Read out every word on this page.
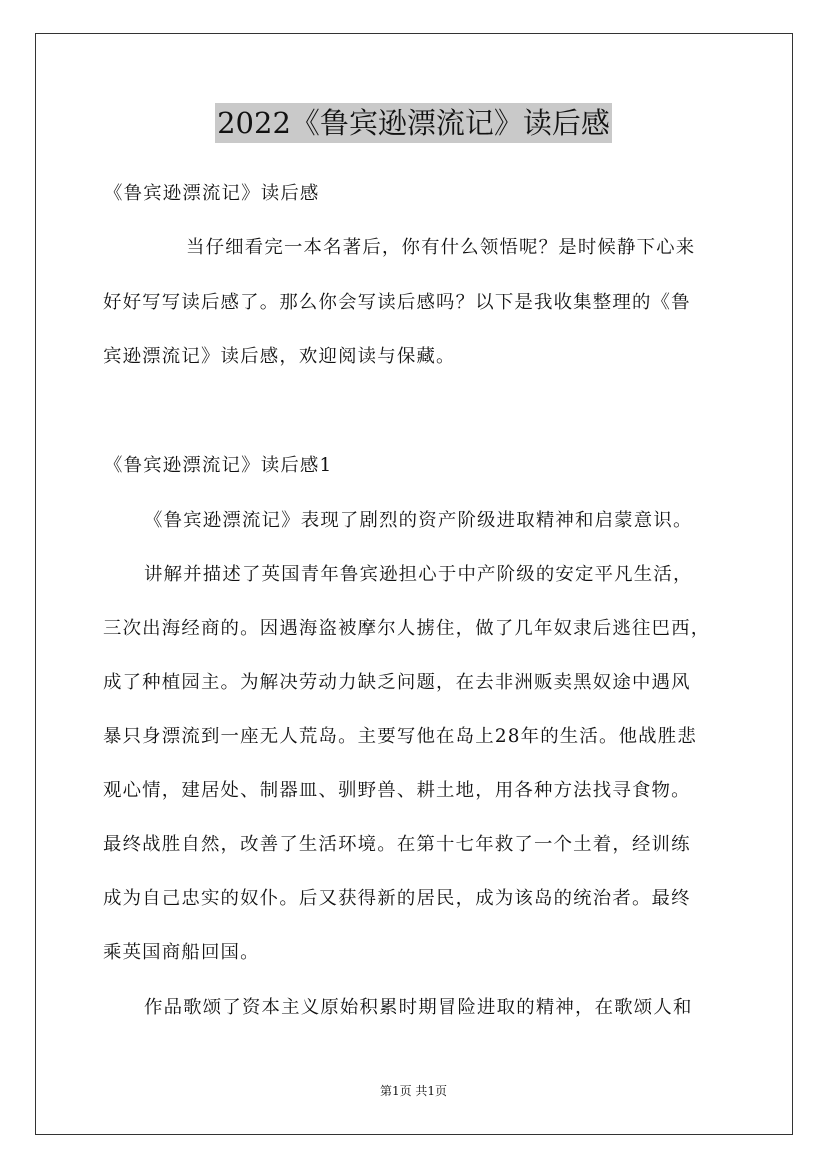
2022《鲁宾逊漂流记》读后感
《鲁宾逊漂流记》读后感
当仔细看完一本名著后，你有什么领悟呢？是时候静下心来
好好写写读后感了。那么你会写读后感吗？以下是我收集整理的《鲁
宾逊漂流记》读后感，欢迎阅读与保藏。
《鲁宾逊漂流记》读后感1
《鲁宾逊漂流记》表现了剧烈的资产阶级进取精神和启蒙意识。
讲解并描述了英国青年鲁宾逊担心于中产阶级的安定平凡生活，
三次出海经商的。因遇海盗被摩尔人掳住，做了几年奴隶后逃往巴西，
成了种植园主。为解决劳动力缺乏问题，在去非洲贩卖黑奴途中遇风
暴只身漂流到一座无人荒岛。主要写他在岛上28年的生活。他战胜悲
观心情，建居处、制器皿、驯野兽、耕土地，用各种方法找寻食物。
最终战胜自然，改善了生活环境。在第十七年救了一个土着，经训练
成为自己忠实的奴仆。后又获得新的居民，成为该岛的统治者。最终
乘英国商船回国。
作品歌颂了资本主义原始积累时期冒险进取的精神，在歌颂人和
第1页 共1页
